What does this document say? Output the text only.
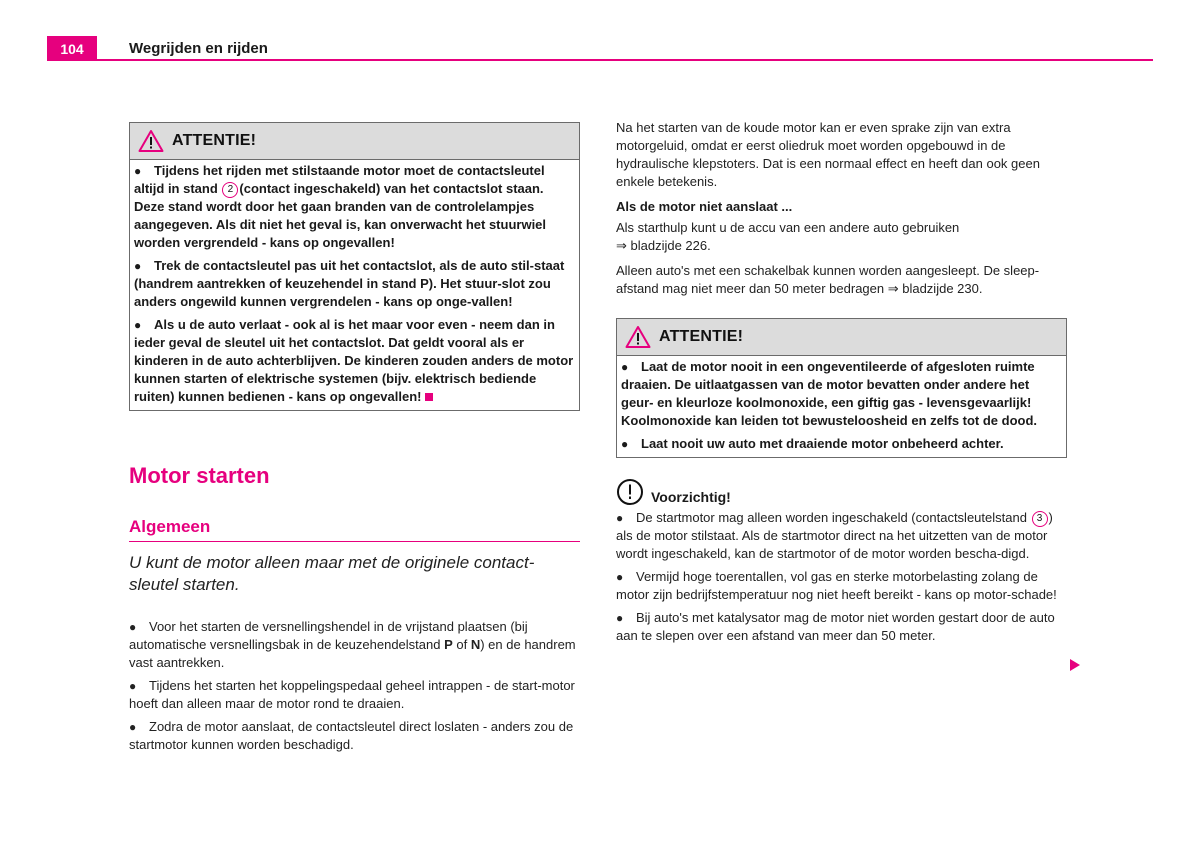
104	Wegrijden en rijden
ATTENTIE!

● Tijdens het rijden met stilstaande motor moet de contactsleutel altijd in stand 2 (contact ingeschakeld) van het contactslot staan. Deze stand wordt door het gaan branden van de controlelampjes aangegeven. Als dit niet het geval is, kan onverwacht het stuurwiel worden vergrendeld - kans op ongevallen!

● Trek de contactsleutel pas uit het contactslot, als de auto stil-staat (handrem aantrekken of keuzehendel in stand P). Het stuur-slot zou anders ongewild kunnen vergrendelen - kans op onge-vallen!

● Als u de auto verlaat - ook al is het maar voor even - neem dan in ieder geval de sleutel uit het contactslot. Dat geldt vooral als er kinderen in de auto achterblijven. De kinderen zouden anders de motor kunnen starten of elektrische systemen (bijv. elektrisch bediende ruiten) kunnen bedienen - kans op ongevallen!

Motor starten

Algemeen

U kunt de motor alleen maar met de originele contact-sleutel starten.

● Voor het starten de versnellingshendel in de vrijstand plaatsen (bij automatische versnellingsbak in de keuzehendelstand P of N) en de handrem vast aantrekken.

● Tijdens het starten het koppelingspedaal geheel intrappen - de start-motor hoeft dan alleen maar de motor rond te draaien.

● Zodra de motor aanslaat, de contactsleutel direct loslaten - anders zou de startmotor kunnen worden beschadigd.

Na het starten van de koude motor kan er even sprake zijn van extra motorgeluid, omdat er eerst oliedruk moet worden opgebouwd in de hydraulische klepstoters. Dat is een normaal effect en heeft dan ook geen enkele betekenis.

Als de motor niet aanslaat ...

Als starthulp kunt u de accu van een andere auto gebruiken
⇒ bladzijde 226.

Alleen auto's met een schakelbak kunnen worden aangesleept. De sleep-afstand mag niet meer dan 50 meter bedragen ⇒ bladzijde 230.

ATTENTIE!

● Laat de motor nooit in een ongeventileerde of afgesloten ruimte draaien. De uitlaatgassen van de motor bevatten onder andere het geur- en kleurloze koolmonoxide, een giftig gas - levensgevaarlijk! Koolmonoxide kan leiden tot bewusteloosheid en zelfs tot de dood.

● Laat nooit uw auto met draaiende motor onbeheerd achter.

Voorzichtig!

● De startmotor mag alleen worden ingeschakeld (contactsleutelstand 3 ) als de motor stilstaat. Als de startmotor direct na het uitzetten van de motor wordt ingeschakeld, kan de startmotor of de motor worden bescha-digd.

● Vermijd hoge toerentallen, vol gas en sterke motorbelasting zolang de motor zijn bedrijfstemperatuur nog niet heeft bereikt - kans op motor-schade!

● Bij auto's met katalysator mag de motor niet worden gestart door de auto aan te slepen over een afstand van meer dan 50 meter.
